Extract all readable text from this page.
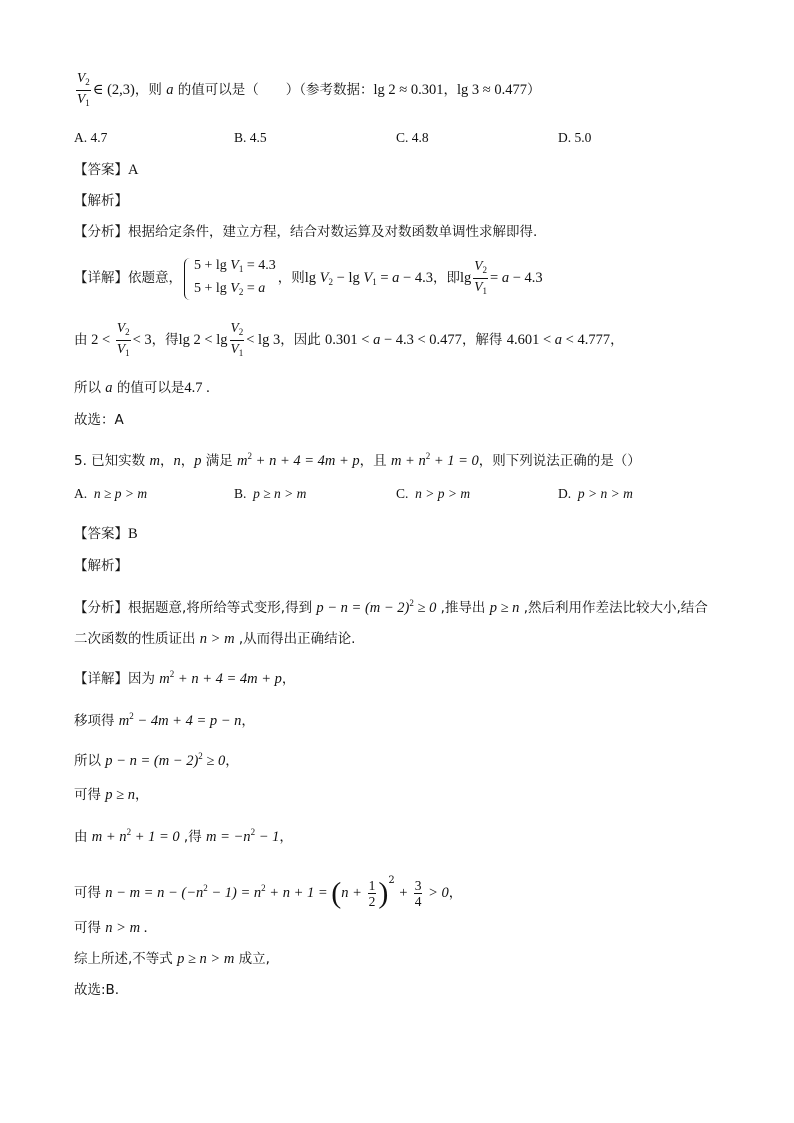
$\frac{V_2}{V_1}$ ∈ (2,3)，则 a 的值可以是（　　）（参考数据：lg 2 ≈ 0.301，lg 3 ≈ 0.477）
A. 4.7	B. 4.5	C. 4.8	D. 5.0
【答案】A
【解析】
【分析】根据给定条件，建立方程，结合对数运算及对数函数单调性求解即得.
【详解】依题意，
$5 + \lg V_1 = 4.3$
$5 + \lg V_2 = a$
，则$\lg V_2 - \lg V_1 = a - 4.3$，即$\lg \frac{V_2}{V_1} = a - 4.3$
由 $2 < \frac{V_2}{V_1} < 3$，得$\lg 2 < \lg \frac{V_2}{V_1} < \lg 3$，因此 0.301 < a − 4.3 < 0.477，解得 4.601 < a < 4.777，
所以 a 的值可以是4.7 .
故选：A
5. 已知实数 m，n，p 满足 $m^2 + n + 4 = 4m + p$，且 $m + n^2 + 1 = 0$，则下列说法正确的是（）
A.  n ≥ p > m	B.  p ≥ n > m	C.  n > p > m	D.  p > n > m
【答案】B
【解析】
【分析】根据题意,将所给等式变形,得到 $p - n = (m - 2)^2 \ge 0$ ,推导出 p ≥ n ,然后利用作差法比较大小,结合
二次函数的性质证出 n > m ,从而得出正确结论.
【详解】因为 $m^2 + n + 4 = 4m + p$，
移项得 $m^2 - 4m + 4 = p - n$，
所以 $p - n = (m - 2)^2 \ge 0$，
可得 p ≥ n，
由 $m + n^2 + 1 = 0$ ,得 $m = -n^2 - 1$，
可得 $n - m = n - (-n^2 - 1) = n^2 + n + 1 = (n + \frac{1}{2} )^2 + \frac{3}{4} > 0$，
可得 n > m .
综上所述,不等式 p ≥ n > m 成立,
故选:B.
